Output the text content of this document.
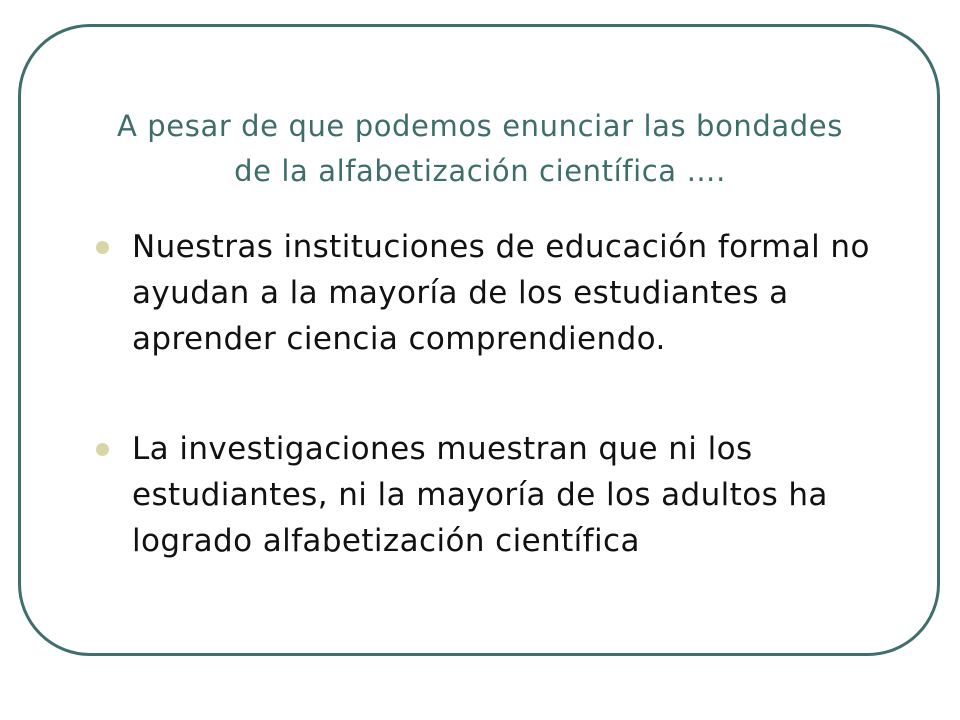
A pesar de que podemos enunciar las bondades
de la alfabetización científica ….
Nuestras instituciones de educación formal no ayudan a la mayoría de los estudiantes a aprender ciencia comprendiendo.
La investigaciones muestran que ni los estudiantes, ni la mayoría de los adultos ha logrado alfabetización científica
